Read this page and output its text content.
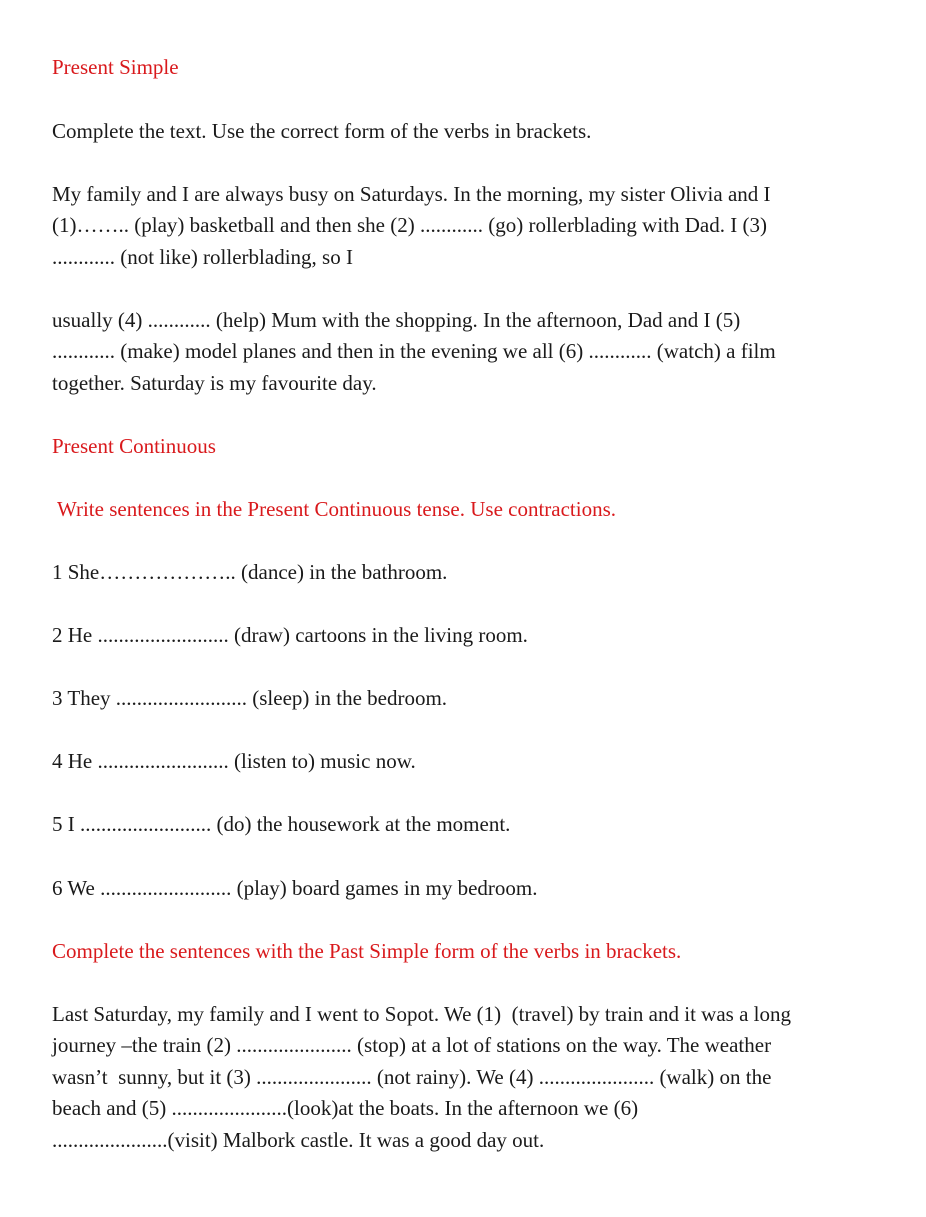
Present Simple
Complete the text. Use the correct form of the verbs in brackets.
My family and I are always busy on Saturdays. In the morning, my sister Olivia and I
(1)…….. (play) basketball and then she (2) ............ (go) rollerblading with Dad. I (3)
............ (not like) rollerblading, so I
usually (4) ............ (help) Mum with the shopping. In the afternoon, Dad and I (5)
............ (make) model planes and then in the evening we all (6) ............ (watch) a film
together. Saturday is my favourite day.
Present Continuous
Write sentences in the Present Continuous tense. Use contractions.
1 She……………….. (dance) in the bathroom.
2 He ......................... (draw) cartoons in the living room.
3 They ......................... (sleep) in the bedroom.
4 He ......................... (listen to) music now.
5 I ......................... (do) the housework at the moment.
6 We ......................... (play) board games in my bedroom.
Complete the sentences with the Past Simple form of the verbs in brackets.
Last Saturday, my family and I went to Sopot. We (1)  (travel) by train and it was a long
journey –the train (2) ...................... (stop) at a lot of stations on the way. The weather
wasn’t  sunny, but it (3) ...................... (not rainy). We (4) ...................... (walk) on the
beach and (5) ......................(look)at the boats. In the afternoon we (6)
......................(visit) Malbork castle. It was a good day out.
